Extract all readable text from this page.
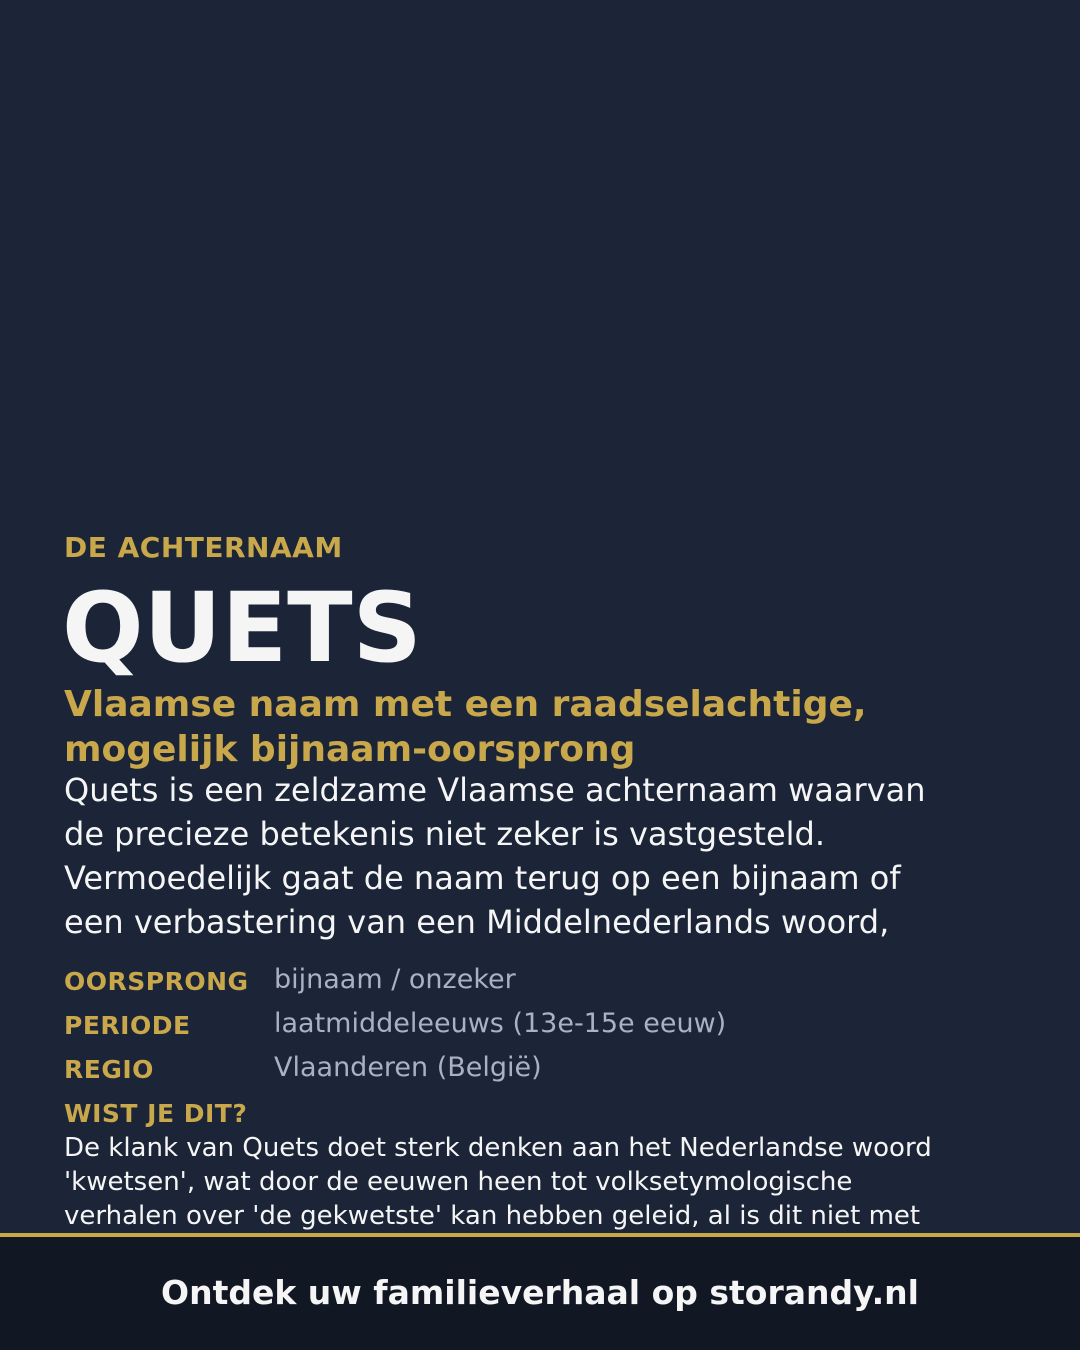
DE ACHTERNAAM

QUETS
Vlaamse naam met een raadselachtige,
mogelijk bijnaam-oorsprong

Quets is een zeldzame Vlaamse achternaam waarvan
de precieze betekenis niet zeker is vastgesteld.
Vermoedelijk gaat de naam terug op een bijnaam of
een verbastering van een Middelnederlands woord,

OORSPRONG bijnaam / onzeker
PERIODE	laatmiddeleeuws (13e-15e eeuw)
REGIO	Vlaanderen (België)
WIST JE DIT?

De klank van Quets doet sterk denken aan het Nederlandse woord
'kwetsen', wat door de eeuwen heen tot volksetymologische
verhalen over 'de gekwetste' kan hebben geleid, al is dit niet met

Ontdek uw familieverhaal op storandy.nl
